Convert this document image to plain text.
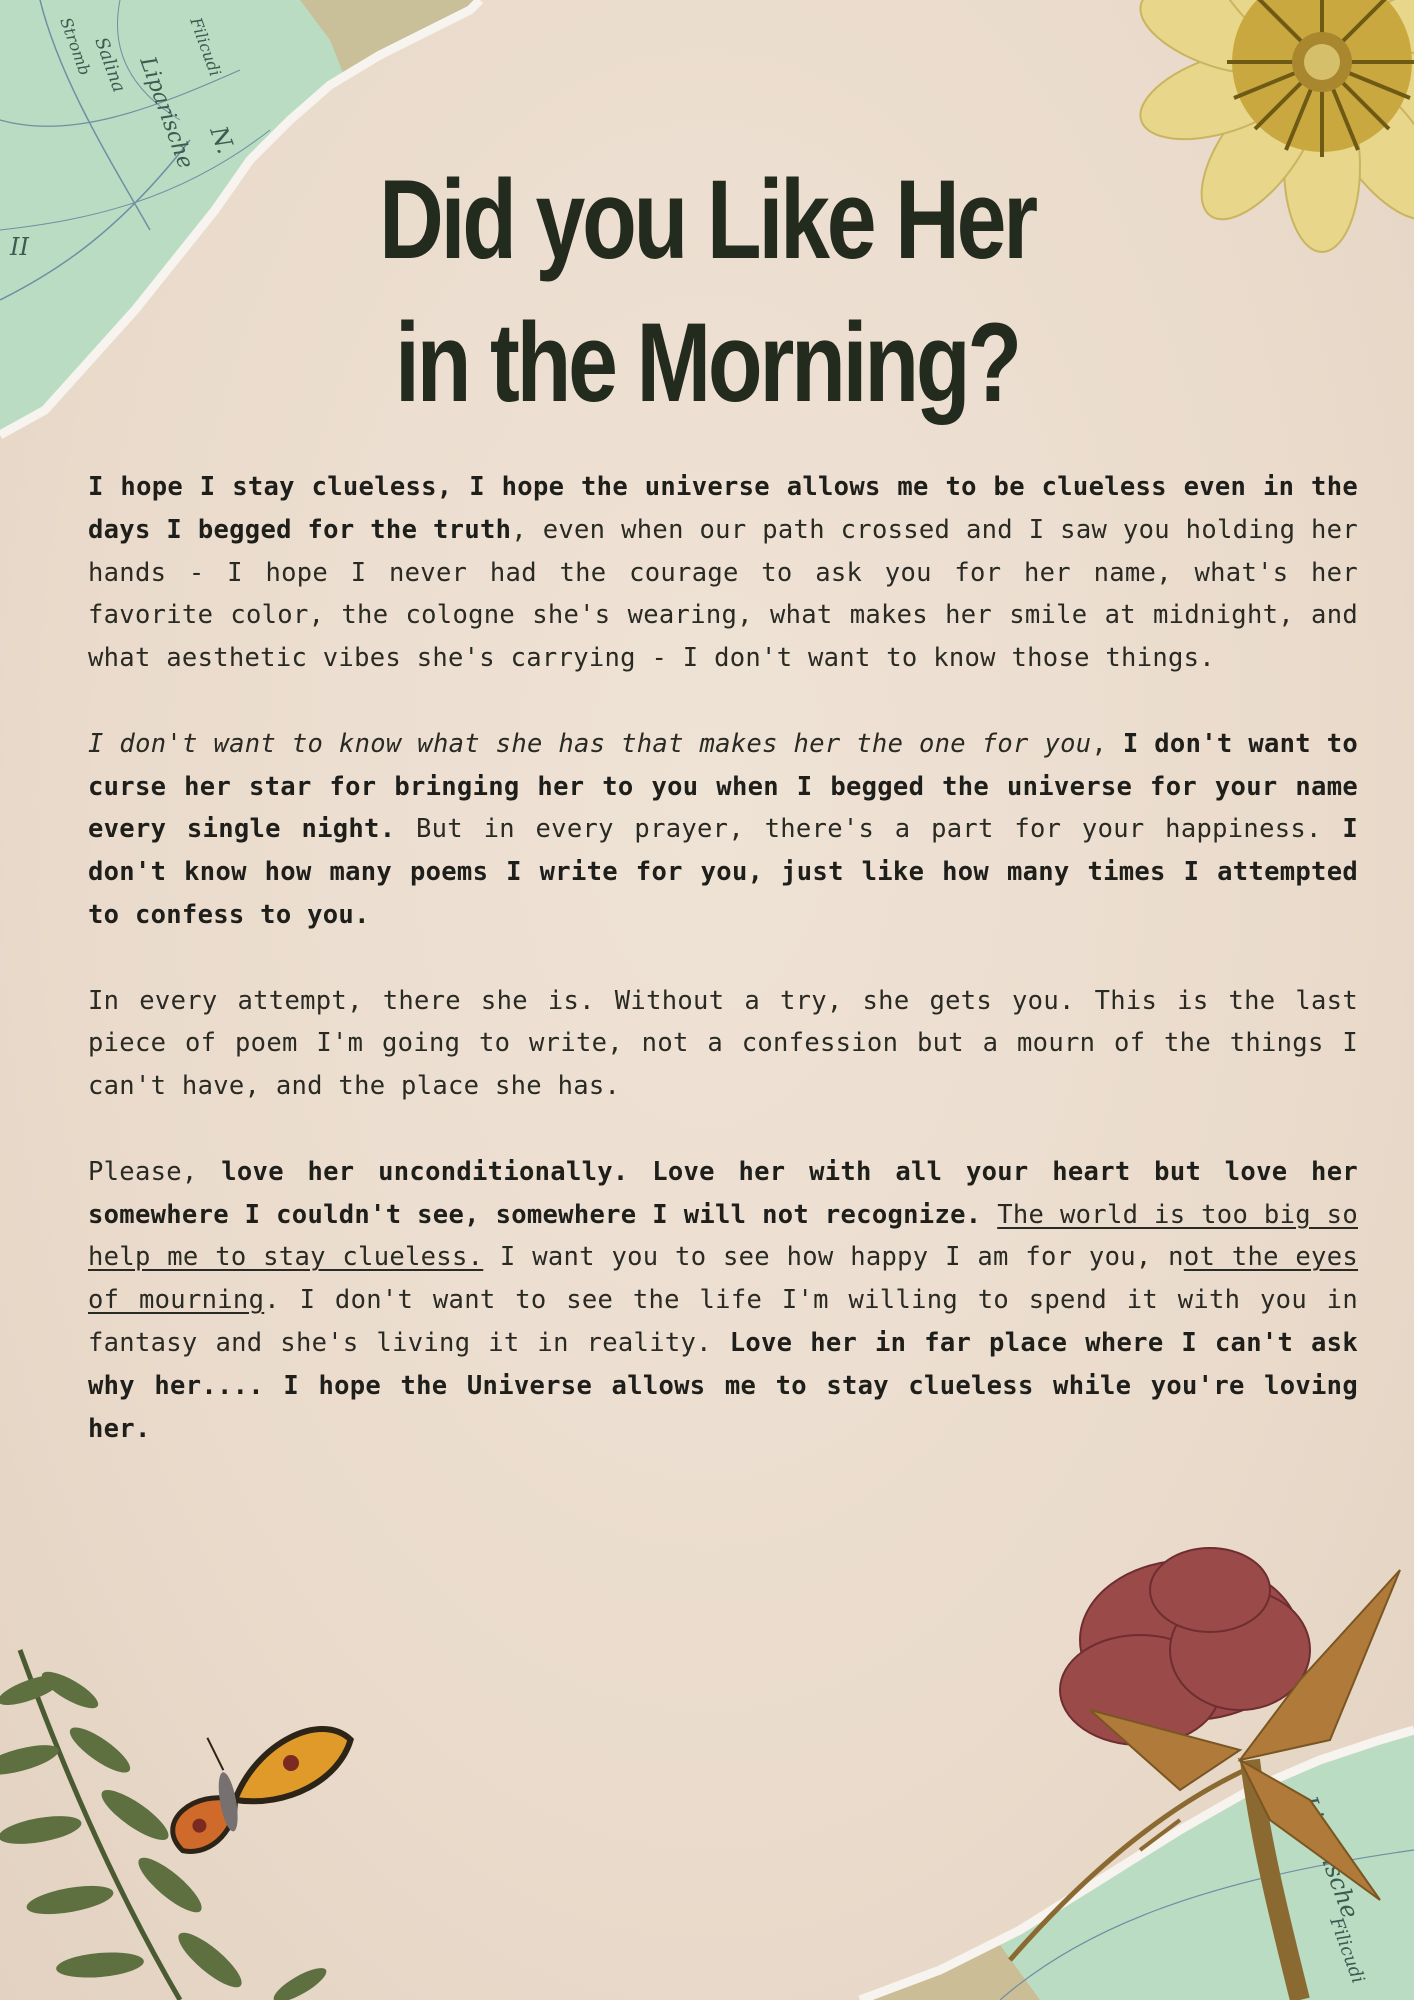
Liparische
Salina
Stromb
N.
Filicudi
II
Filicudi
Did you Like Her
in the Morning?

I hope I stay clueless, I hope the universe allows me to be clueless even in the days I begged for the truth, even when our path crossed and I saw you holding her hands - I hope I never had the courage to ask you for her name, what's her favorite color, the cologne she's wearing, what makes her smile at midnight, and what aesthetic vibes she's carrying - I don't want to know those things.

I don't want to know what she has that makes her the one for you, I don't want to curse her star for bringing her to you when I begged the universe for your name every single night. But in every prayer, there's a part for your happiness. I don't know how many poems I write for you, just like how many times I attempted to confess to you.

In every attempt, there she is. Without a try, she gets you. This is the last piece of poem I'm going to write, not a confession but a mourn of the things I can't have, and the place she has.

Please, love her unconditionally. Love her with all your heart but love her somewhere I couldn't see, somewhere I will not recognize. The world is too big so help me to stay clueless. I want you to see how happy I am for you, not the eyes of mourning. I don't want to see the life I'm willing to spend it with you in fantasy and she's living it in reality. Love her in far place where I can't ask why her.... I hope the Universe allows me to stay clueless while you're loving her.
